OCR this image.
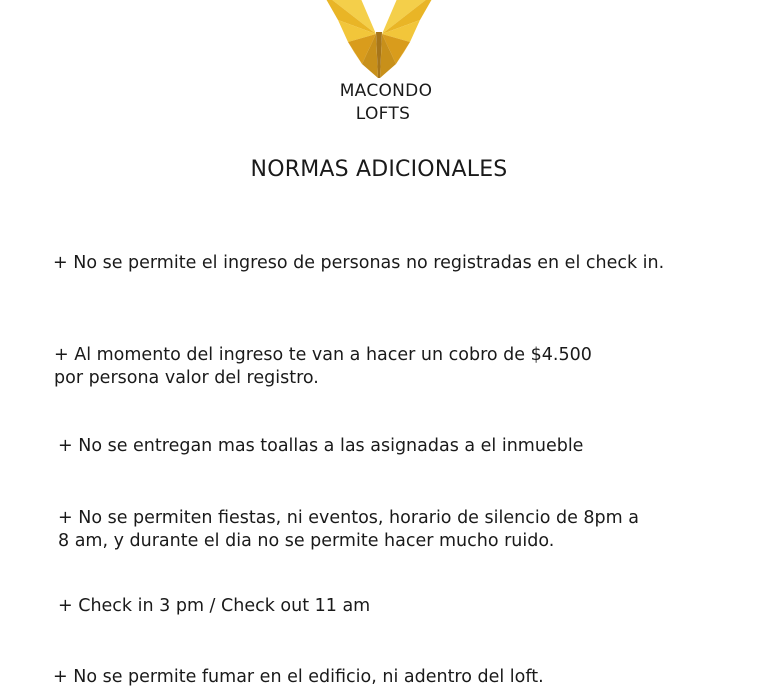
MACONDO
LOFTS
NORMAS ADICIONALES
+ No se permite el ingreso de personas no registradas en el check in.
+ Al momento del ingreso te van a hacer un cobro de $4.500
por persona valor del registro.
+ No se entregan mas toallas a las asignadas a el inmueble
+ No se permiten fiestas, ni eventos, horario de silencio de 8pm a
8 am, y durante el dia no se permite hacer mucho ruido.
+ Check in 3 pm / Check out 11 am
+ No se permite fumar en el edificio, ni adentro del loft.
